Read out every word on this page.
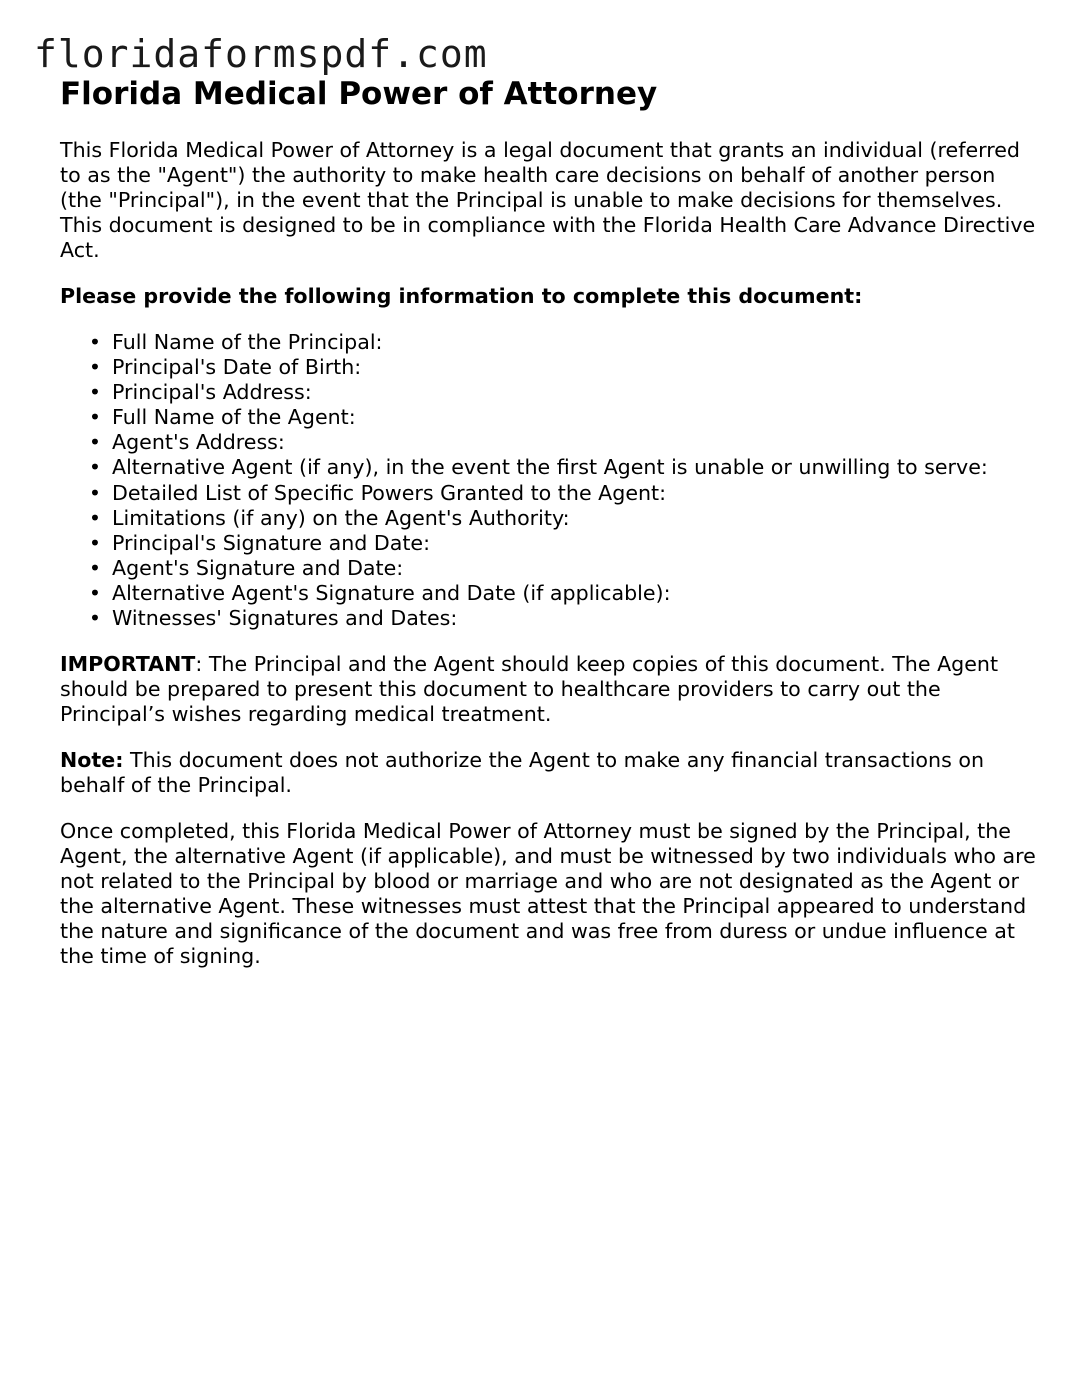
floridaformspdf.com
Florida Medical Power of Attorney

This Florida Medical Power of Attorney is a legal document that grants an individual (referred to as the "Agent") the authority to make health care decisions on behalf of another person (the "Principal"), in the event that the Principal is unable to make decisions for themselves. This document is designed to be in compliance with the Florida Health Care Advance Directive Act.

Please provide the following information to complete this document:

• Full Name of the Principal:
• Principal's Date of Birth:
• Principal's Address:
• Full Name of the Agent:
• Agent's Address:
• Alternative Agent (if any), in the event the first Agent is unable or unwilling to serve:
• Detailed List of Specific Powers Granted to the Agent:
• Limitations (if any) on the Agent's Authority:
• Principal's Signature and Date:
• Agent's Signature and Date:
• Alternative Agent's Signature and Date (if applicable):
• Witnesses' Signatures and Dates:

IMPORTANT: The Principal and the Agent should keep copies of this document. The Agent should be prepared to present this document to healthcare providers to carry out the Principal’s wishes regarding medical treatment.

Note: This document does not authorize the Agent to make any financial transactions on behalf of the Principal.

Once completed, this Florida Medical Power of Attorney must be signed by the Principal, the Agent, the alternative Agent (if applicable), and must be witnessed by two individuals who are not related to the Principal by blood or marriage and who are not designated as the Agent or the alternative Agent. These witnesses must attest that the Principal appeared to understand the nature and significance of the document and was free from duress or undue influence at the time of signing.
